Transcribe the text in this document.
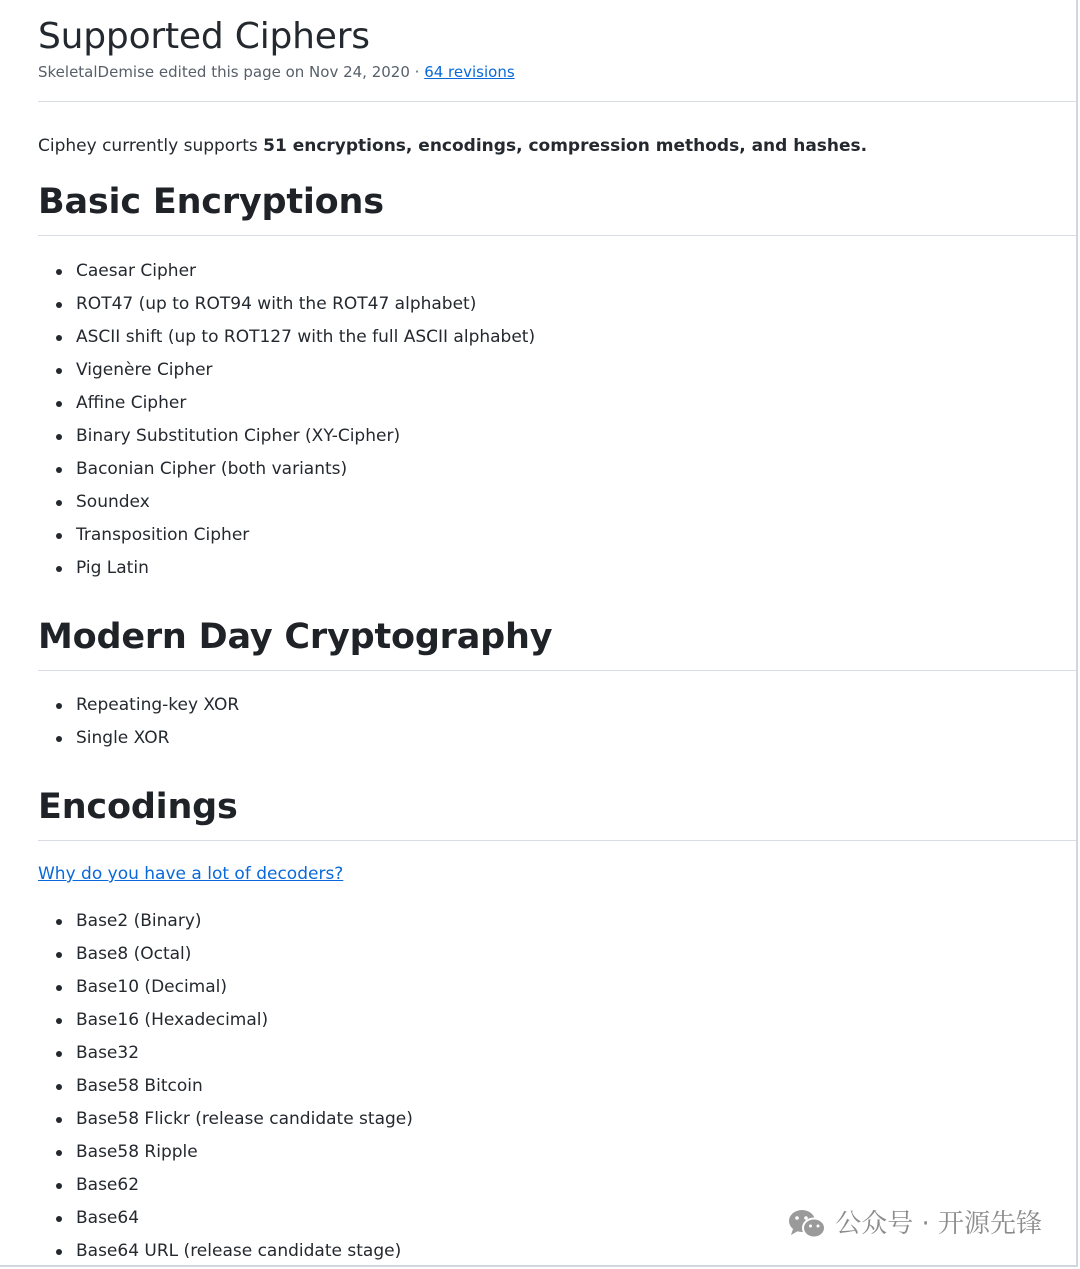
Supported Ciphers
SkeletalDemise edited this page on Nov 24, 2020 · 64 revisions

Ciphey currently supports 51 encryptions, encodings, compression methods, and hashes.

Basic Encryptions
Caesar Cipher
ROT47 (up to ROT94 with the ROT47 alphabet)
ASCII shift (up to ROT127 with the full ASCII alphabet)
Vigenère Cipher
Affine Cipher
Binary Substitution Cipher (XY-Cipher)
Baconian Cipher (both variants)
Soundex
Transposition Cipher
Pig Latin
Modern Day Cryptography
Repeating-key XOR
Single XOR
Encodings
Why do you have a lot of decoders?
Base2 (Binary)
Base8 (Octal)
Base10 (Decimal)
Base16 (Hexadecimal)
Base32
Base58 Bitcoin
Base58 Flickr (release candidate stage)
Base58 Ripple
Base62
Base64
Base64 URL (release candidate stage)
公众号 · 开源先锋
